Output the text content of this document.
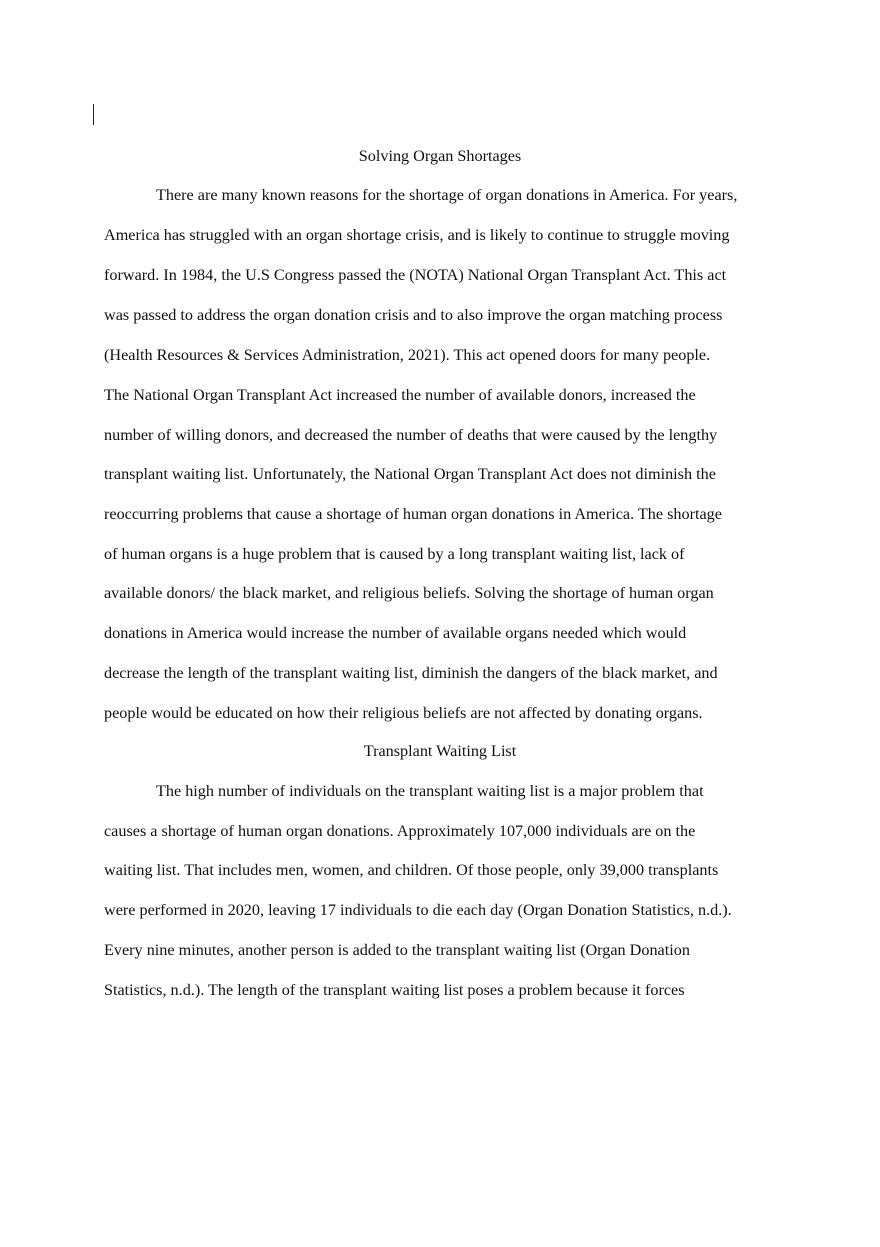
Solving Organ Shortages
There are many known reasons for the shortage of organ donations in America. For years,
America has struggled with an organ shortage crisis, and is likely to continue to struggle moving
forward. In 1984, the U.S Congress passed the (NOTA) National Organ Transplant Act. This act
was passed to address the organ donation crisis and to also improve the organ matching process
(Health Resources & Services Administration, 2021). This act opened doors for many people.
The National Organ Transplant Act increased the number of available donors, increased the
number of willing donors, and decreased the number of deaths that were caused by the lengthy
transplant waiting list. Unfortunately, the National Organ Transplant Act does not diminish the
reoccurring problems that cause a shortage of human organ donations in America. The shortage
of human organs is a huge problem that is caused by a long transplant waiting list, lack of
available donors/ the black market, and religious beliefs. Solving the shortage of human organ
donations in America would increase the number of available organs needed which would
decrease the length of the transplant waiting list, diminish the dangers of the black market, and
people would be educated on how their religious beliefs are not affected by donating organs.
Transplant Waiting List
The high number of individuals on the transplant waiting list is a major problem that
causes a shortage of human organ donations. Approximately 107,000 individuals are on the
waiting list. That includes men, women, and children. Of those people, only 39,000 transplants
were performed in 2020, leaving 17 individuals to die each day (Organ Donation Statistics, n.d.).
Every nine minutes, another person is added to the transplant waiting list (Organ Donation
Statistics, n.d.). The length of the transplant waiting list poses a problem because it forces
